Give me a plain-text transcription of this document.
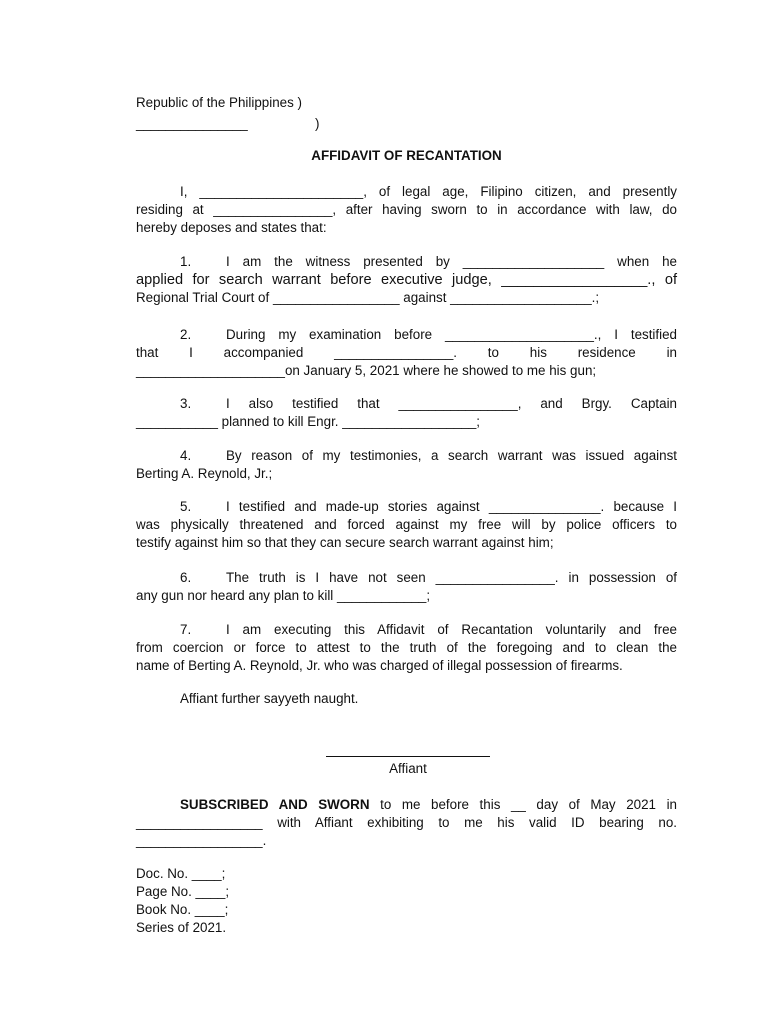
Republic of the Philippines )

_______________	)

AFFIDAVIT OF RECANTATION

I, ______________________, of legal age, Filipino citizen, and presently
residing at ________________, after having sworn to in accordance with law, do
hereby deposes and states that:
1.	I am the witness presented by ___________________ when he
applied for search warrant before executive judge, __________________., of
Regional Trial Court of _________________ against ___________________.;
2.	During my examination before ____________________., I testified
that I accompanied ________________. to his residence in
____________________on January 5, 2021 where he showed to me his gun;
3.	I also testified that ________________, and Brgy. Captain
___________ planned to kill Engr. __________________;
4.	By reason of my testimonies, a search warrant was issued against
Berting A. Reynold, Jr.;
5.	I testified and made-up stories against _______________. because I
was physically threatened and forced against my free will by police officers to
testify against him so that they can secure search warrant against him;
6.	The truth is I have not seen ________________. in possession of
any gun nor heard any plan to kill ____________;
7.	I am executing this Affidavit of Recantation voluntarily and free
from coercion or force to attest to the truth of the foregoing and to clean the
name of Berting A. Reynold, Jr. who was charged of illegal possession of firearms.

Affiant further sayyeth naught.

Affiant

SUBSCRIBED AND SWORN to me before this __ day of May 2021 in
_________________ with Affiant exhibiting to me his valid ID bearing no.
_________________.
Doc. No. ____;
Page No. ____;
Book No. ____;
Series of 2021.
